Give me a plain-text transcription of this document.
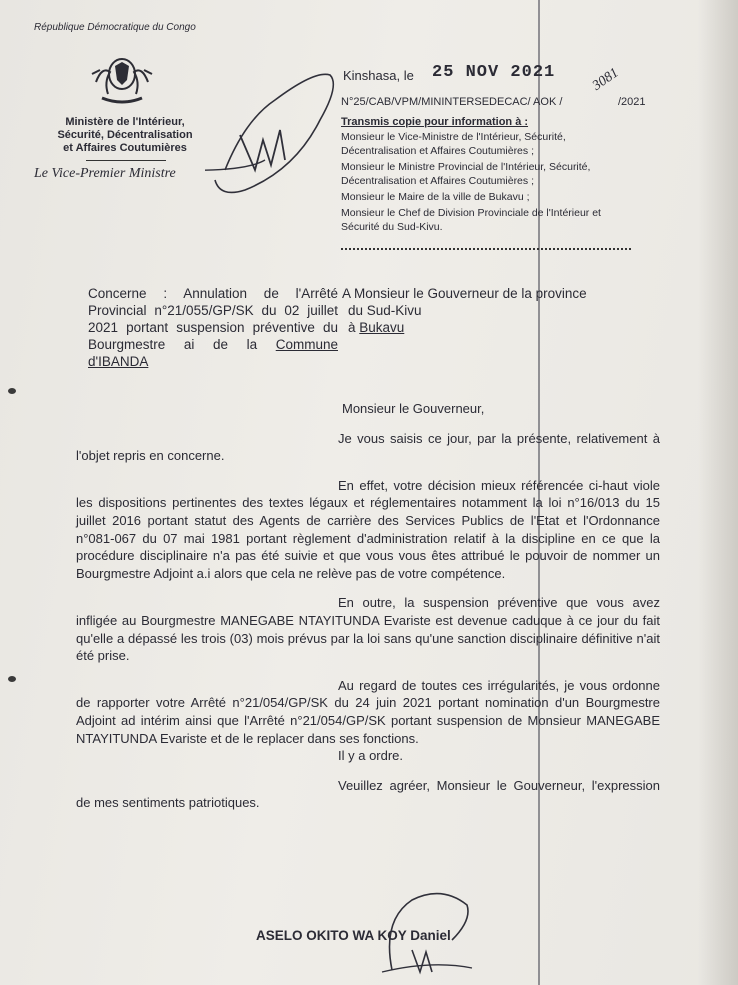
République Démocratique du Congo
Ministère de l'Intérieur,
Sécurité, Décentralisation
et Affaires Coutumières
Le Vice-Premier Ministre
Kinshasa, le 25 NOV 2021
N°25/CAB/VPM/MININTERSEDECAC/ AOK /
3081
/2021
Transmis copie pour information à :
Monsieur le Vice-Ministre de l'Intérieur, Sécurité, Décentralisation et Affaires Coutumières ;
Monsieur le Ministre Provincial de l'Intérieur, Sécurité, Décentralisation et Affaires Coutumières ;
Monsieur le Maire de la ville de Bukavu ;
Monsieur le Chef de Division Provinciale de l'Intérieur et Sécurité du Sud-Kivu.
Concerne : Annulation de l'Arrêté Provincial n°21/055/GP/SK du 02 juillet 2021 portant suspension préventive du Bourgmestre ai de la Commune d'IBANDA
A Monsieur le Gouverneur de la province
du Sud-Kivu
à Bukavu

Monsieur le Gouverneur,

Je vous saisis ce jour, par la présente, relativement à l'objet repris en concerne.

En effet, votre décision mieux référencée ci-haut viole les dispositions pertinentes des textes légaux et réglementaires notamment la loi n°16/013 du 15 juillet 2016 portant statut des Agents de carrière des Services Publics de l'Etat et l'Ordonnance n°081-067 du 07 mai 1981 portant règlement d'administration relatif à la discipline en ce que la procédure disciplinaire n'a pas été suivie et que vous vous êtes attribué le pouvoir de nommer un Bourgmestre Adjoint a.i alors que cela ne relève pas de votre compétence.

En outre, la suspension préventive que vous avez infligée au Bourgmestre MANEGABE NTAYITUNDA Evariste est devenue caduque à ce jour du fait qu'elle a dépassé les trois (03) mois prévus par la loi sans qu'une sanction disciplinaire définitive n'ait été prise.

Au regard de toutes ces irrégularités, je vous ordonne de rapporter votre Arrêté n°21/054/GP/SK du 24 juin 2021 portant nomination d'un Bourgmestre Adjoint ad intérim ainsi que l'Arrêté n°21/054/GP/SK portant suspension de Monsieur MANEGABE NTAYITUNDA Evariste et de le replacer dans ses fonctions.

Il y a ordre.

Veuillez agréer, Monsieur le Gouverneur, l'expression de mes sentiments patriotiques.

ASELO OKITO WA KOY Daniel
